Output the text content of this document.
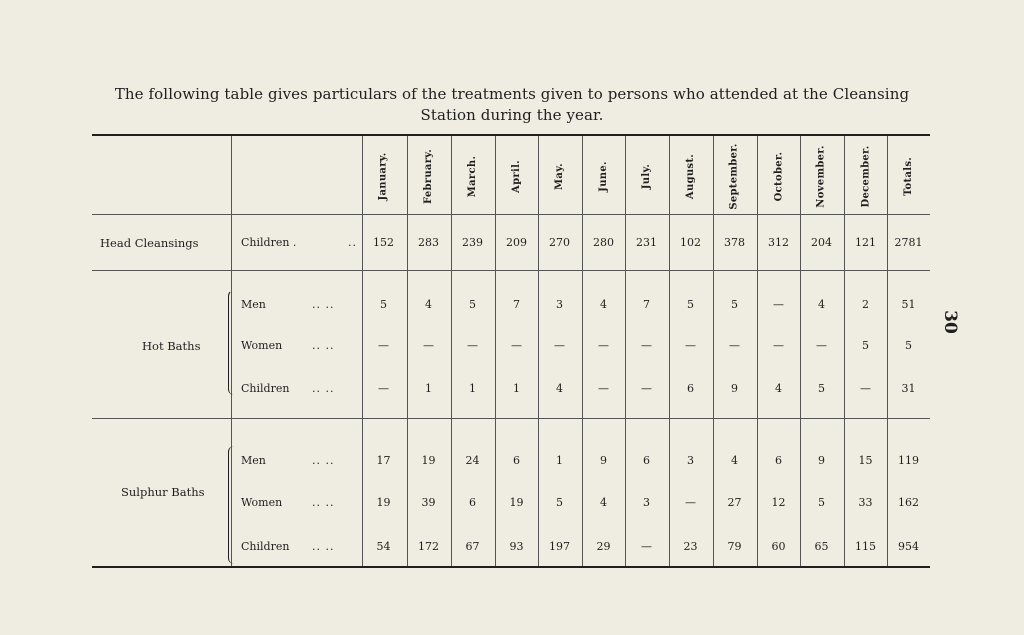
The following table gives particulars of the treatments given to persons who attended at the Cleansing Station during the year.
30
Head Cleansings
Hot Baths
Sulphur Baths
January.	February.	March.	April.	May.	June.	July.	August.	September.	October.	November.	December.	Totals.
Children .	..	152	283	239	209	270	280	231	102	378	312	204	121	2781
Men	.. ..	5	4	5	7	3	4	7	5	5	—	4	2	51
Women	.. ..	—	—	—	—	—	—	—	—	—	—	—	5	5
Children .. ..	—	1	1	1	4	—	—	6	9	4	5	—	31
Men	.. ..	17	19	24	6	1	9	6	3	4	6	9	15	119
Women	.. ..	19	39	6	19	5	4	3	—	27	12	5	33	162
Children .. ..	54	172	67	93	197	29	—	23	79	60	65	115	954
